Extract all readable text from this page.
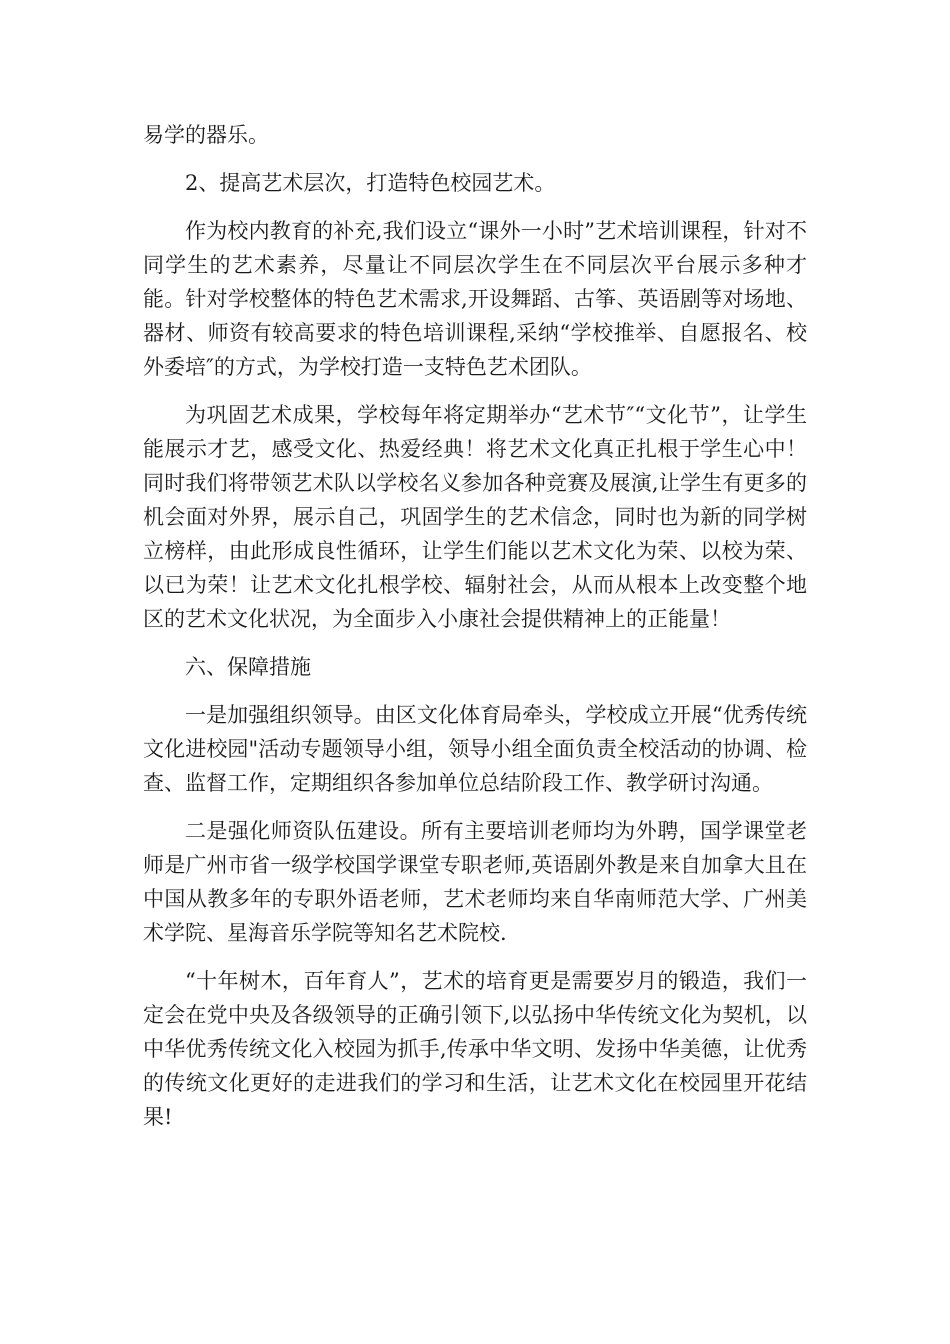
易学的器乐。

2、提高艺术层次，打造特色校园艺术。

作为校内教育的补充,我们设立“课外一小时”艺术培训课程，针对不同学生的艺术素养，尽量让不同层次学生在不同层次平台展示多种才能。针对学校整体的特色艺术需求,开设舞蹈、古筝、英语剧等对场地、器材、师资有较高要求的特色培训课程,采纳“学校推举、自愿报名、校外委培″的方式，为学校打造一支特色艺术团队。

为巩固艺术成果，学校每年将定期举办“艺术节″“文化节”，让学生能展示才艺，感受文化、热爱经典！将艺术文化真正扎根于学生心中！同时我们将带领艺术队以学校名义参加各种竞赛及展演,让学生有更多的机会面对外界，展示自己，巩固学生的艺术信念，同时也为新的同学树立榜样，由此形成良性循环，让学生们能以艺术文化为荣、以校为荣、以已为荣！让艺术文化扎根学校、辐射社会，从而从根本上改变整个地区的艺术文化状况，为全面步入小康社会提供精神上的正能量！

六、保障措施

一是加强组织领导。由区文化体育局牵头，学校成立开展“优秀传统文化进校园"活动专题领导小组，领导小组全面负责全校活动的协调、检查、监督工作，定期组织各参加单位总结阶段工作、教学研讨沟通。

二是强化师资队伍建设。所有主要培训老师均为外聘，国学课堂老师是广州市省一级学校国学课堂专职老师,英语剧外教是来自加拿大且在中国从教多年的专职外语老师，艺术老师均来自华南师范大学、广州美术学院、星海音乐学院等知名艺术院校.

“十年树木，百年育人”，艺术的培育更是需要岁月的锻造，我们一定会在党中央及各级领导的正确引领下,以弘扬中华传统文化为契机，以中华优秀传统文化入校园为抓手,传承中华文明、发扬中华美德，让优秀的传统文化更好的走进我们的学习和生活，让艺术文化在校园里开花结果!
